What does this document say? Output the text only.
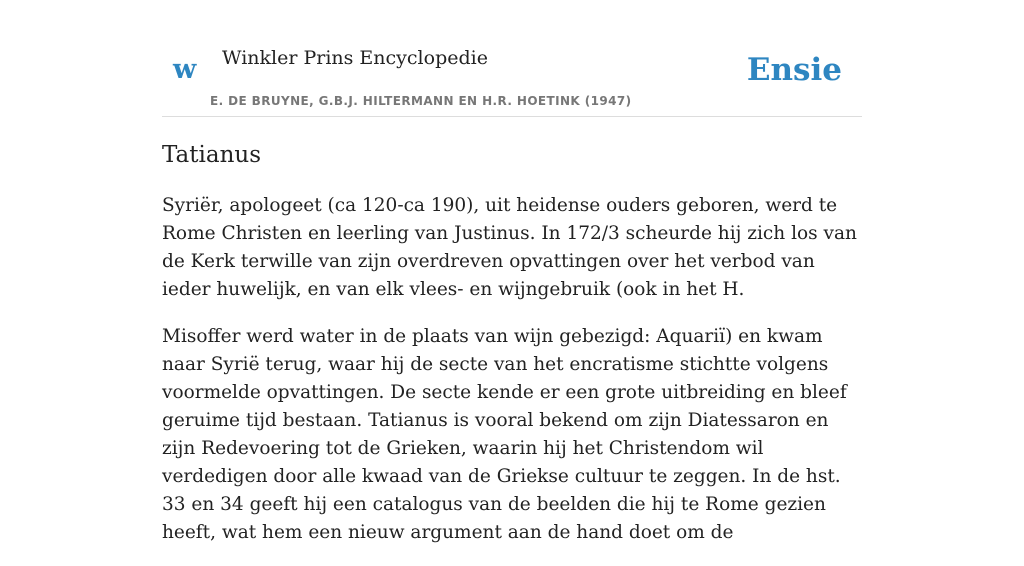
w Winkler Prins Encyclopedie
E. DE BRUYNE, G.B.J. HILTERMANN EN H.R. HOETINK (1947)
Ensie
Tatianus

Syriër, apologeet (ca 120-ca 190), uit heidense ouders geboren, werd te Rome Christen en leerling van Justinus. In 172/3 scheurde hij zich los van de Kerk terwille van zijn overdreven opvattingen over het verbod van ieder huwelijk, en van elk vlees- en wijngebruik (ook in het H.

Misoffer werd water in de plaats van wijn gebezigd: Aquariï) en kwam naar Syrië terug, waar hij de secte van het encratisme stichtte volgens voormelde opvattingen. De secte kende er een grote uitbreiding en bleef geruime tijd bestaan. Tatianus is vooral bekend om zijn Diatessaron en zijn Redevoering tot de Grieken, waarin hij het Christendom wil verdedigen door alle kwaad van de Griekse cultuur te zeggen. In de hst. 33 en 34 geeft hij een catalogus van de beelden die hij te Rome gezien heeft, wat hem een nieuw argument aan de hand doet om de
